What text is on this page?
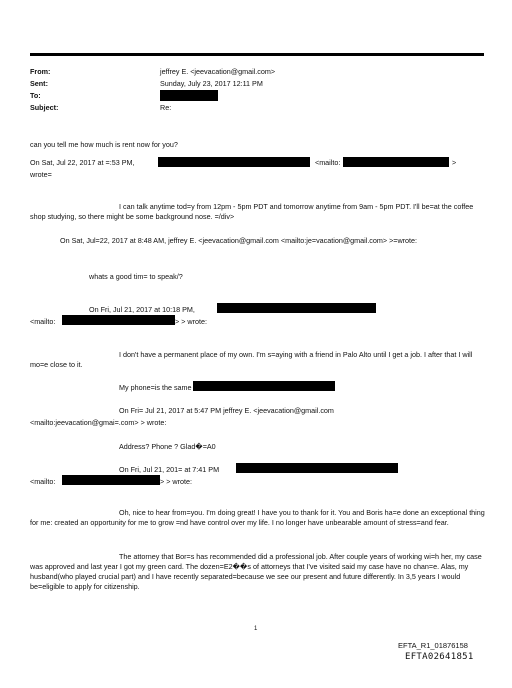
From:	jeffrey E. <jeevacation@gmail.com>
Sent:	Sunday, July 23, 2017 12:11 PM
To:
Subject:	Re:
can you tell me how much is rent now for you?
On Sat, Jul 22, 2017 at =:53 PM,	<mailto:	>
wrote=
I can talk anytime tod=y from 12pm - 5pm PDT and tomorrow anytime from 9am - 5pm PDT. I'll be=at the coffee shop studying, so there might be some background nose. =/div>
On Sat, Jul=22, 2017 at 8:48 AM, jeffrey E. <jeevacation@gmail.com <mailto:je=vacation@gmail.com> >=wrote:
whats a good tim= to speak/?
On Fri, Jul 21, 2017 at 10:18 PM,
<mailto:	> > wrote:
I don't have a permanent place of my own. I'm s=aying with a friend in Palo Alto until I get a job. I after that I will mo=e close to it.
My phone=is the same
On Fri= Jul 21, 2017 at 5:47 PM jeffrey E. <jeevacation@gmail.com
<mailto:jeevacation@gmai=.com> > wrote:
Address? Phone ? Glad�=A0
On Fri, Jul 21, 201= at 7:41 PM
<mailto:	> > wrote:
Oh, nice to hear from=you. I'm doing great! I have you to thank for it. You and Boris ha=e done an exceptional thing for me: created an opportunity for me to grow =nd have control over my life. I no longer have unbearable amount of stress=and fear.
The attorney that Bor=s has recommended did a professional job. After couple years of working wi=h her, my case was approved and last year I got my green card. The dozen=E2��s of attorneys that I've visited said my case have no chan=e. Alas, my husband(who played crucial part) and I have recently separated=because we see our present and future differently. In 3,5 years I would be=eligible to apply for citizenship.
1
EFTA_R1_01876158
EFTA02641851
